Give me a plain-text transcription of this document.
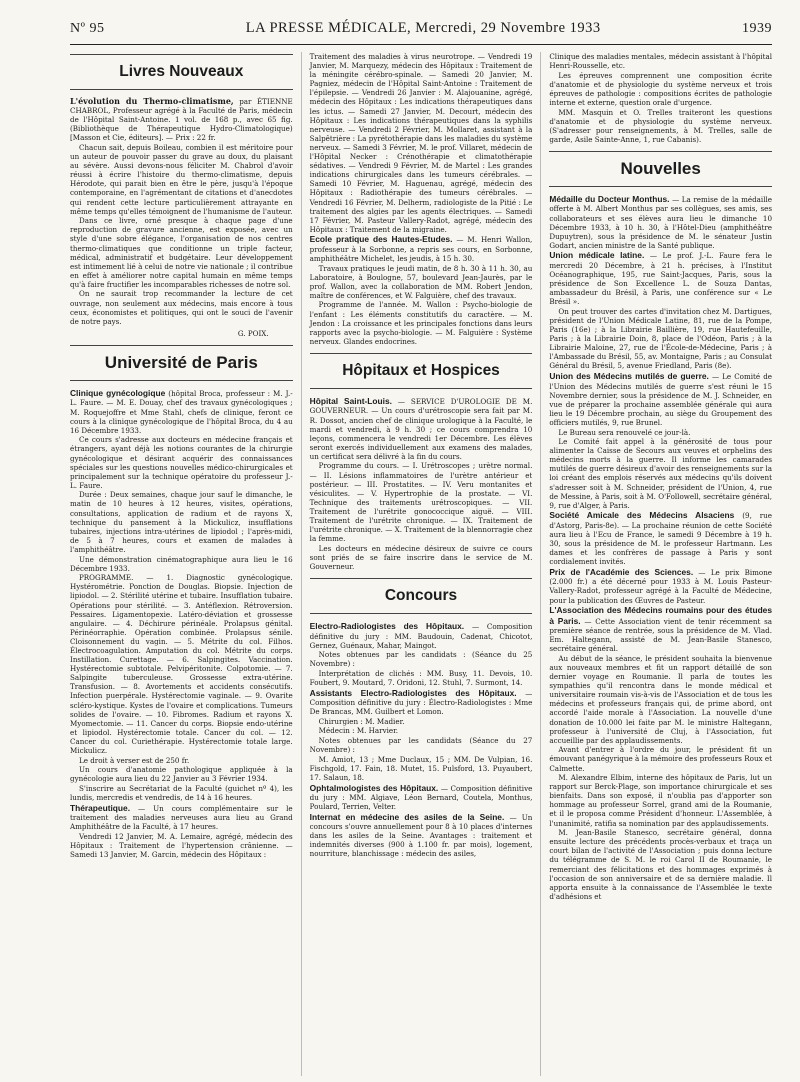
Nº 95	LA PRESSE MÉDICALE, Mercredi, 29 Novembre 1933	1939
Livres Nouveaux

L'évolution du Thermo-climatisme, par ÉTIENNE CHABROL, Professeur agrégé à la Faculté de Paris, médecin de l'Hôpital Saint-Antoine. 1 vol. de 168 p., avec 65 fig. (Bibliothèque de Thérapeutique Hydro-Climatologique) [Masson et Cie, éditeurs]. — Prix : 22 fr.

Chacun sait, depuis Boileau, combien il est méritoire pour un auteur de pouvoir passer du grave au doux, du plaisant au sévère. Aussi devons-nous féliciter M. Chabrol d'avoir réussi à écrire l'histoire du thermo-climatisme, depuis Hérodote, qui parait bien en être le père, jusqu'à l'époque contemporaine, en l'agrémentant de citations et d'anecdotes qui rendent cette lecture particulièrement attrayante en même temps qu'elles témoignent de l'humanisme de l'auteur.

Dans ce livre, orné presque à chaque page d'une reproduction de gravure ancienne, est exposée, avec un style d'une sobre élégance, l'organisation de nos centres thermo-climatiques que conditionne un triple facteur, médical, administratif et budgétaire. Leur développement est intimement lié à celui de notre vie nationale ; il contribue en effet à améliorer notre capital humain en même temps qu'à faire fructifier les incomparables richesses de notre sol.

On ne saurait trop recommander la lecture de cet ouvrage, non seulement aux médecins, mais encore à tous ceux, économistes et politiques, qui ont le souci de l'avenir de notre pays.

G. POIX.
Université de Paris

Clinique gynécologique (hôpital Broca, professeur : M. J.-L. Faure. — M. E. Douay, chef des travaux gynécologiques ; M. Roquejoffre et Mme Stahl, chefs de clinique, feront ce cours à la clinique gynécologique de l'hôpital Broca, du 4 au 16 Décembre 1933.

Ce cours s'adresse aux docteurs en médecine français et étrangers, ayant déjà les notions courantes de la chirurgie gynécologique et désirant acquérir des connaissances spéciales sur les questions nouvelles médico-chirurgicales et principalement sur la technique opératoire du professeur J.-L. Faure.

Durée : Deux semaines, chaque jour sauf le dimanche, le matin de 10 heures à 12 heures, visites, opérations, consultations, application de radium et de rayons X, technique du pansement à la Mickulicz, insufflations tubaires, injections intra-utérines de lipiodol ; l'après-midi, de 5 à 7 heures, cours et examen de malades à l'amphithéâtre.

Une démonstration cinématographique aura lieu le 16 Décembre 1933.

PROGRAMME. — 1. Diagnostic gynécologique. Hystérométrie. Ponction de Douglas. Biopsie. Injection de lipiodol. — 2. Stérilité utérine et tubaire. Insufflation tubaire. Opérations pour stérilité. — 3. Antéflexion. Rétroversion. Pessaires. Ligamentopexie. Latéro-déviation et grossesse angulaire. — 4. Déchirure périnéale. Prolapsus génital. Périnéorraphie. Opération combinée. Prolapsus sénile. Cloisonnement du vagin. — 5. Métrite du col. Filhos. Électrocoagulation. Amputation du col. Métrite du corps. Instillation. Curettage. — 6. Salpingites. Vaccination. Hystérectomie subtotale. Pelvipéritonite. Colpotomie. — 7. Salpingite tuberculeuse. Grossesse extra-utérine. Transfusion. — 8. Avortements et accidents consécutifs. Infection puerpérale. Hystérectomie vaginale. — 9. Ovarite scléro-kystique. Kystes de l'ovaire et complications. Tumeurs solides de l'ovaire. — 10. Fibromes. Radium et rayons X. Myomectomie. — 11. Cancer du corps. Biopsie endo-utérine et lipiodol. Hystérectomie totale. Cancer du col. — 12. Cancer du col. Curiethérapie. Hystérectomie totale large. Mickulicz.

Le droit à verser est de 250 fr.

Un cours d'anatomie pathologique appliquée à la gynécologie aura lieu du 22 Janvier au 3 Février 1934.

S'inscrire au Secrétariat de la Faculté (guichet nº 4), les lundis, mercredis et vendredis, de 14 à 16 heures.

Thérapeutique. — Un cours complémentaire sur le traitement des maladies nerveuses aura lieu au Grand Amphithéâtre de la Faculté, à 17 heures.

Vendredi 12 Janvier, M. A. Lemaire, agrégé, médecin des Hôpitaux : Traitement de l'hypertension crânienne. — Samedi 13 Janvier, M. Garcin, médecin des Hôpitaux :

Traitement des maladies à virus neurotrope. — Vendredi 19 Janvier, M. Marquezy, médecin des Hôpitaux : Traitement de la méningite cérébro-spinale. — Samedi 20 Janvier, M. Pagniez, médecin de l'Hôpital Saint-Antoine : Traitement de l'épilepsie. — Vendredi 26 Janvier : M. Alajouanine, agrégé, médecin des Hôpitaux : Les indications thérapeutiques dans les ictus. — Samedi 27 Janvier, M. Decourt, médecin des Hôpitaux : Les indications thérapeutiques dans la syphilis nerveuse. — Vendredi 2 Février, M. Mollaret, assistant à la Salpêtrière : La pyrétothérapie dans les maladies du système nerveux. — Samedi 3 Février, M. le prof. Villaret, médecin de l'Hôpital Necker : Crénothérapie et climatothérapie sédatives. — Vendredi 9 Février, M. de Martel : Les grandes indications chirurgicales dans les tumeurs cérébrales. — Samedi 10 Février, M. Haguenau, agrégé, médecin des Hôpitaux : Radiothérapie des tumeurs cérébrales. — Vendredi 16 Février, M. Delherm, radiologiste de la Pitié : Le traitement des algies par les agents électriques. — Samedi 17 Février, M. Pasteur Vallery-Radot, agrégé, médecin des Hôpitaux : Traitement de la migraine.

Ecole pratique des Hautes-Etudes. — M. Henri Wallon, professeur à la Sorbonne, a repris ses cours, en Sorbonne, amphithéâtre Michelet, les jeudis, à 15 h. 30.

Travaux pratiques le jeudi matin, de 8 h. 30 à 11 h. 30, au Laboratoire, à Boulogne, 57, boulevard Jean-Jaurès, par le prof. Wallon, avec la collaboration de MM. Robert Jendon, maître de conférences, et W. Falguière, chef des travaux.

Programme de l'année. M. Wallon : Psycho-biologie de l'enfant : Les éléments constitutifs du caractère. — M. Jendon : La croissance et les principales fonctions dans leurs rapports avec la psycho-biologie. — M. Falguière : Système nerveux. Glandes endocrines.

Hôpitaux et Hospices

Hôpital Saint-Louis. — SERVICE D'UROLOGIE DE M. GOUVERNEUR. — Un cours d'urétroscopie sera fait par M. R. Dossot, ancien chef de clinique urologique à la Faculté, le mardi et vendredi, à 9 h. 30 ; ce cours comprendra 10 leçons, commencera le vendredi 1er Décembre. Les élèves seront exercés individuellement aux examens des malades, un certificat sera délivré à la fin du cours.

Programme du cours. — I. Urétroscopes ; urètre normal. — II. Lésions inflammatoires de l'urètre antérieur et postérieur. — III. Prostatites. — IV. Veru montanites et vésiculites. — V. Hypertrophie de la prostate. — VI. Technique des traitements urétroscopiques. — VII. Traitement de l'urétrite gonococcique aiguë. — VIII. Traitement de l'urétrite chronique. — IX. Traitement de l'urétrite chronique. — X. Traitement de la blennorragie chez la femme.

Les docteurs en médecine désireux de suivre ce cours sont priés de se faire inscrire dans le service de M. Gouverneur.

Concours

Electro-Radiologistes des Hôpitaux. — Composition définitive du jury : MM. Baudouin, Cadenat, Chicotot, Gernez, Guénaux, Mahar, Maingot.

Notes obtenues par les candidats : (Séance du 25 Novembre) :

Interprétation de clichés : MM. Busy, 11. Devois, 10. Foubert, 9. Moutard, 7. Oridoni, 12. Stuhl, 7. Surmont, 14.

Assistants Electro-Radiologistes des Hôpitaux. — Composition définitive du jury : Électro-Radiologistes : Mme De Brancas, MM. Guilbert et Lomon.

Chirurgien : M. Madier.

Médecin : M. Harvier.

Notes obtenues par les candidats (Séance du 27 Novembre) :

M. Amiot, 13 ; Mme Duclaux, 15 ; MM. De Vulpian, 16. Fischgold, 17. Fain, 18. Mutet, 15. Pulsford, 13. Puyaubert, 17. Salaun, 18.

Ophtalmologistes des Hôpitaux. — Composition définitive du jury : MM. Algiave, Léon Bernard, Coutela, Monthus, Poulard, Terrien, Velter.

Internat en médecine des asiles de la Seine. — Un concours s'ouvre annuellement pour 8 à 10 places d'internes dans les asiles de la Seine. Avantages : traitement et indemnités diverses (900 à 1.100 fr. par mois), logement, nourriture, blanchissage : médecin des asiles,

Clinique des maladies mentales, médecin assistant à l'hôpital Henri-Rousselle, etc.

Les épreuves comprennent une composition écrite d'anatomie et de physiologie du système nerveux et trois épreuves de pathologie : compositions écrites de pathologie interne et externe, question orale d'urgence.

MM. Masquin et O. Trelles traiteront les questions d'anatomie et de physiologie du système nerveux. (S'adresser pour renseignements, à M. Trelles, salle de garde, Asile Sainte-Anne, 1, rue Cabanis).

Nouvelles

Médaille du Docteur Monthus. — La remise de la médaille offerte à M. Albert Monthus par ses collègues, ses amis, ses collaborateurs et ses élèves aura lieu le dimanche 10 Décembre 1933, à 10 h. 30, à l'Hôtel-Dieu (amphithéâtre Dupuytren), sous la présidence de M. le sénateur Justin Godart, ancien ministre de la Santé publique.

Union médicale latine. — Le prof. J.-L. Faure fera le mercredi 20 Décembre, à 21 h. précises, à l'Institut Océanographique, 195, rue Saint-Jacques, Paris, sous la présidence de Son Excellence L. de Souza Dantas, ambassadeur du Brésil, à Paris, une conférence sur « Le Brésil ».

On peut trouver des cartes d'invitation chez M. Dartigues, président de l'Union Médicale Latine, 81, rue de la Pompe, Paris (16e) ; à la Librairie Baillière, 19, rue Hautefeuille, Paris ; à la Librairie Doin, 8, place de l'Odéon, Paris ; à la Librairie Maloine, 27, rue de l'École-de-Médecine, Paris ; à l'Ambassade du Brésil, 55, av. Montaigne, Paris ; au Consulat Général du Brésil, 5, avenue Friedland, Paris (8e).

Union des Médecins mutilés de guerre. — Le Comité de l'Union des Médecins mutilés de guerre s'est réuni le 15 Novembre dernier, sous la présidence de M. J. Schneider, en vue de préparer la prochaine assemblée générale qui aura lieu le 19 Décembre prochain, au siège du Groupement des officiers mutilés, 9, rue Brunel.

Le Bureau sera renouvelé ce jour-là.

Le Comité fait appel à la générosité de tous pour alimenter la Caisse de Secours aux veuves et orphelins des médecins morts à la guerre. Il informe les camarades mutilés de guerre désireux d'avoir des renseignements sur la loi créant des emplois réservés aux médecins qu'ils doivent s'adresser soit à M. Schneider, président de l'Union, 4, rue de Messine, à Paris, soit à M. O'Followell, secrétaire général, 9, rue d'Alger, à Paris.

Société Amicale des Médecins Alsaciens (9, rue d'Astorg, Paris-8e). — La prochaine réunion de cette Société aura lieu à l'Ecu de France, le samedi 9 Décembre à 19 h. 30, sous la présidence de M. le professeur Hartmann. Les dames et les confrères de passage à Paris y sont cordialement invités.

Prix de l'Académie des Sciences. — Le prix Bimone (2.000 fr.) a été décerné pour 1933 à M. Louis Pasteur-Vallery-Radot, professeur agrégé à la Faculté de Médecine, pour la publication des Œuvres de Pasteur.

L'Association des Médecins roumains pour des études à Paris. — Cette Association vient de tenir récemment sa première séance de rentrée, sous la présidence de M. Vlad. Em. Haltegann, assisté de M. Jean-Basile Stanesco, secrétaire général.

Au début de la séance, le président souhaita la bienvenue aux nouveaux membres et fit un rapport détaillé de son dernier voyage en Roumanie. Il parla de toutes les sympathies qu'il rencontra dans le monde médical et universitaire roumain vis-à-vis de l'Association et de tous les médecins et professeurs français qui, de prime abord, ont accordé l'aide morale à l'Association. La nouvelle d'une donation de 10.000 lei faite par M. le ministre Haltegann, professeur à l'université de Cluj, à l'Association, fut accueillie par des applaudissements.

Avant d'entrer à l'ordre du jour, le président fit un émouvant panégyrique à la mémoire des professeurs Roux et Calmette.

M. Alexandre Elbim, interne des hôpitaux de Paris, lut un rapport sur Berck-Plage, son importance chirurgicale et ses bienfaits. Dans son exposé, il n'oublia pas d'apporter son hommage au professeur Sorrel, grand ami de la Roumanie, et il le proposa comme Président d'honneur. L'Assemblée, à l'unanimité, ratifia sa nomination par des applaudissements.

M. Jean-Basile Stanesco, secrétaire général, donna ensuite lecture des précédents procès-verbaux et traça un court bilan de l'activité de l'Association ; puis donna lecture du télégramme de S. M. le roi Carol II de Roumanie, le remerciant des félicitations et des hommages exprimés à l'occasion de son anniversaire et de sa dernière maladie. Il apporta ensuite à la connaissance de l'Assemblée le texte d'adhésions et
